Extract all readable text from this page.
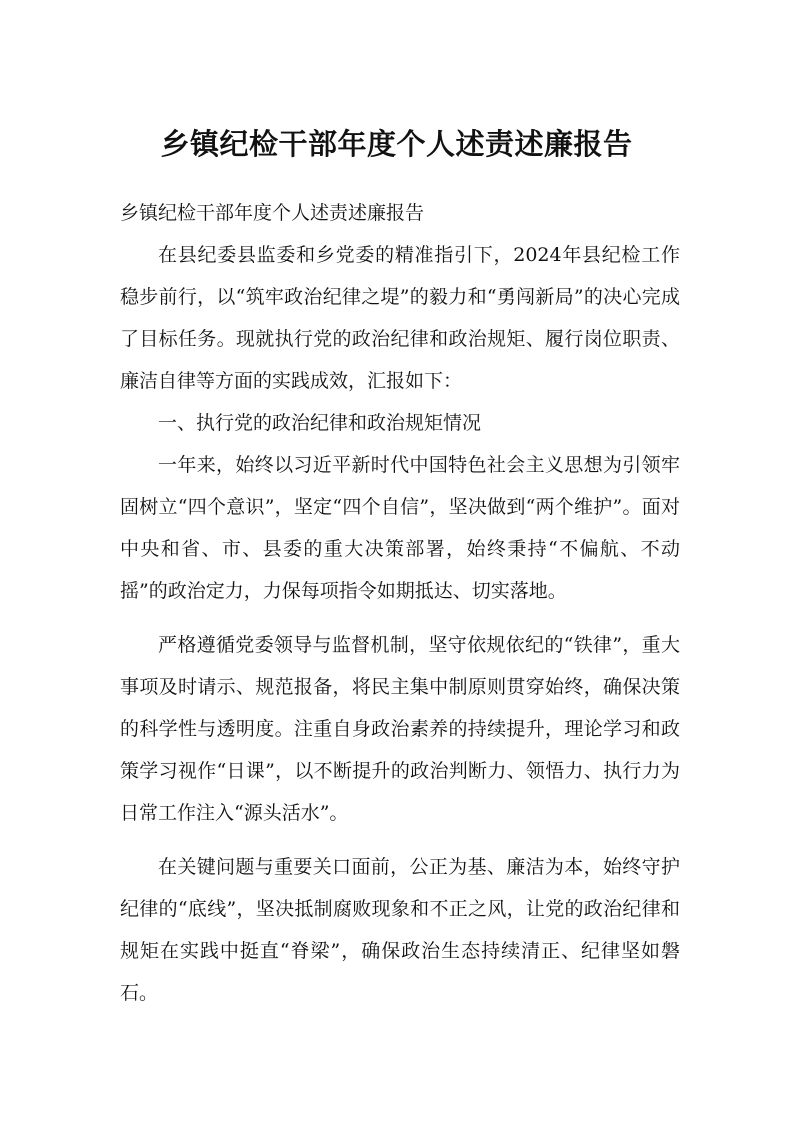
乡镇纪检干部年度个人述责述廉报告

乡镇纪检干部年度个人述责述廉报告

在县纪委县监委和乡党委的精准指引下，2024年县纪检工作稳步前行，以“筑牢政治纪律之堤”的毅力和“勇闯新局”的决心完成了目标任务。现就执行党的政治纪律和政治规矩、履行岗位职责、廉洁自律等方面的实践成效，汇报如下：

一、执行党的政治纪律和政治规矩情况

一年来，始终以习近平新时代中国特色社会主义思想为引领牢固树立“四个意识”，坚定“四个自信”，坚决做到“两个维护”。面对中央和省、市、县委的重大决策部署，始终秉持“不偏航、不动摇”的政治定力，力保每项指令如期抵达、切实落地。

严格遵循党委领导与监督机制，坚守依规依纪的“铁律”，重大事项及时请示、规范报备，将民主集中制原则贯穿始终，确保决策的科学性与透明度。注重自身政治素养的持续提升，理论学习和政策学习视作“日课”，以不断提升的政治判断力、领悟力、执行力为日常工作注入“源头活水”。

在关键问题与重要关口面前，公正为基、廉洁为本，始终守护纪律的“底线”，坚决抵制腐败现象和不正之风，让党的政治纪律和规矩在实践中挺直“脊梁”，确保政治生态持续清正、纪律坚如磐石。
